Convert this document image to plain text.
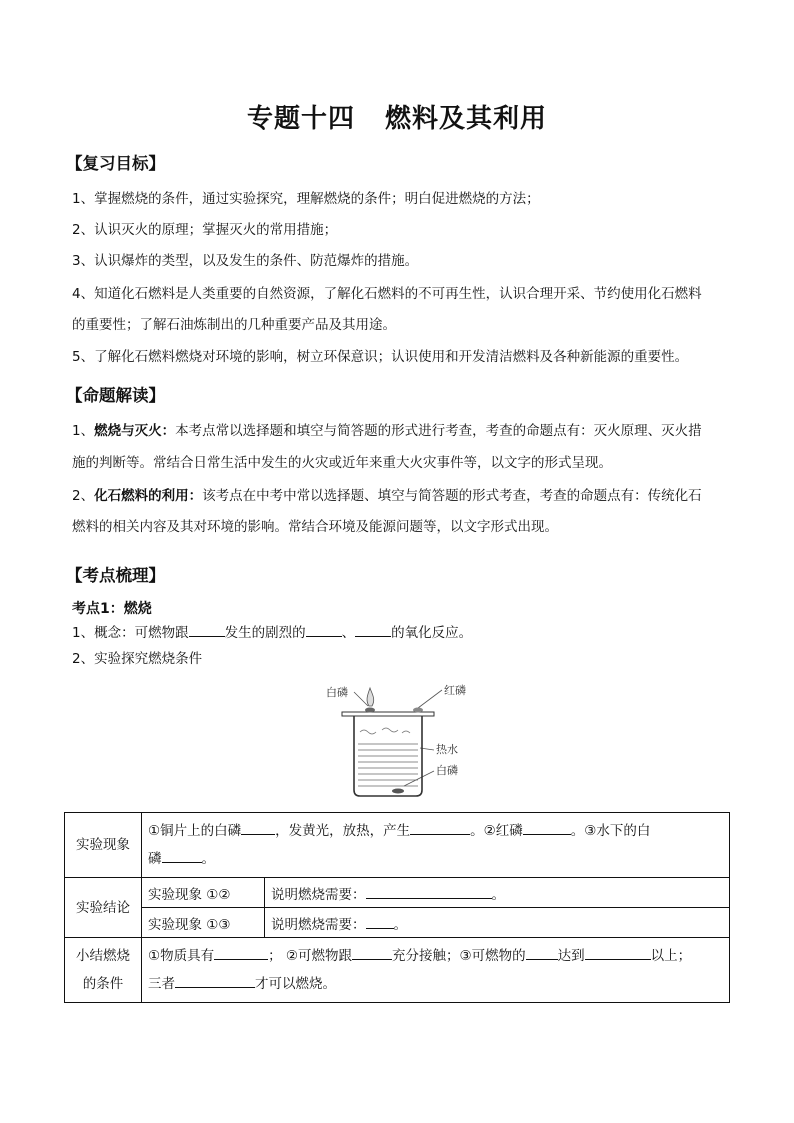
专题十四 燃料及其利用
【复习目标】
1、掌握燃烧的条件，通过实验探究，理解燃烧的条件；明白促进燃烧的方法；
2、认识灭火的原理；掌握灭火的常用措施；
3、认识爆炸的类型，以及发生的条件、防范爆炸的措施。
4、知道化石燃料是人类重要的自然资源，了解化石燃料的不可再生性，认识合理开采、节约使用化石燃料
的重要性；了解石油炼制出的几种重要产品及其用途。
5、了解化石燃料燃烧对环境的影响，树立环保意识；认识使用和开发清洁燃料及各种新能源的重要性。
【命题解读】
1、燃烧与灭火：本考点常以选择题和填空与简答题的形式进行考查，考查的命题点有：灭火原理、灭火措
施的判断等。常结合日常生活中发生的火灾或近年来重大火灾事件等，以文字的形式呈现。
2、化石燃料的利用：该考点在中考中常以选择题、填空与简答题的形式考查，考查的命题点有：传统化石
燃料的相关内容及其对环境的影响。常结合环境及能源问题等，以文字形式出现。
【考点梳理】
考点1：燃烧
1、概念：可燃物跟	发生的剧烈的	、	的氧化反应。
2、实验探究燃烧条件
白磷	红磷
热水
白磷
实验现象	①铜片上的白磷 ，发黄光，放热，产生 。②红磷 。③水下的白
磷 。	
实验结论	实验现象 ①②	说明燃烧需要： 。
	实验现象 ①③	说明燃烧需要： 。
小结燃烧
的条件	①物质具有 ； ②可燃物跟 充分接触；③可燃物的 达到 以上；
三者 才可以燃烧。	
